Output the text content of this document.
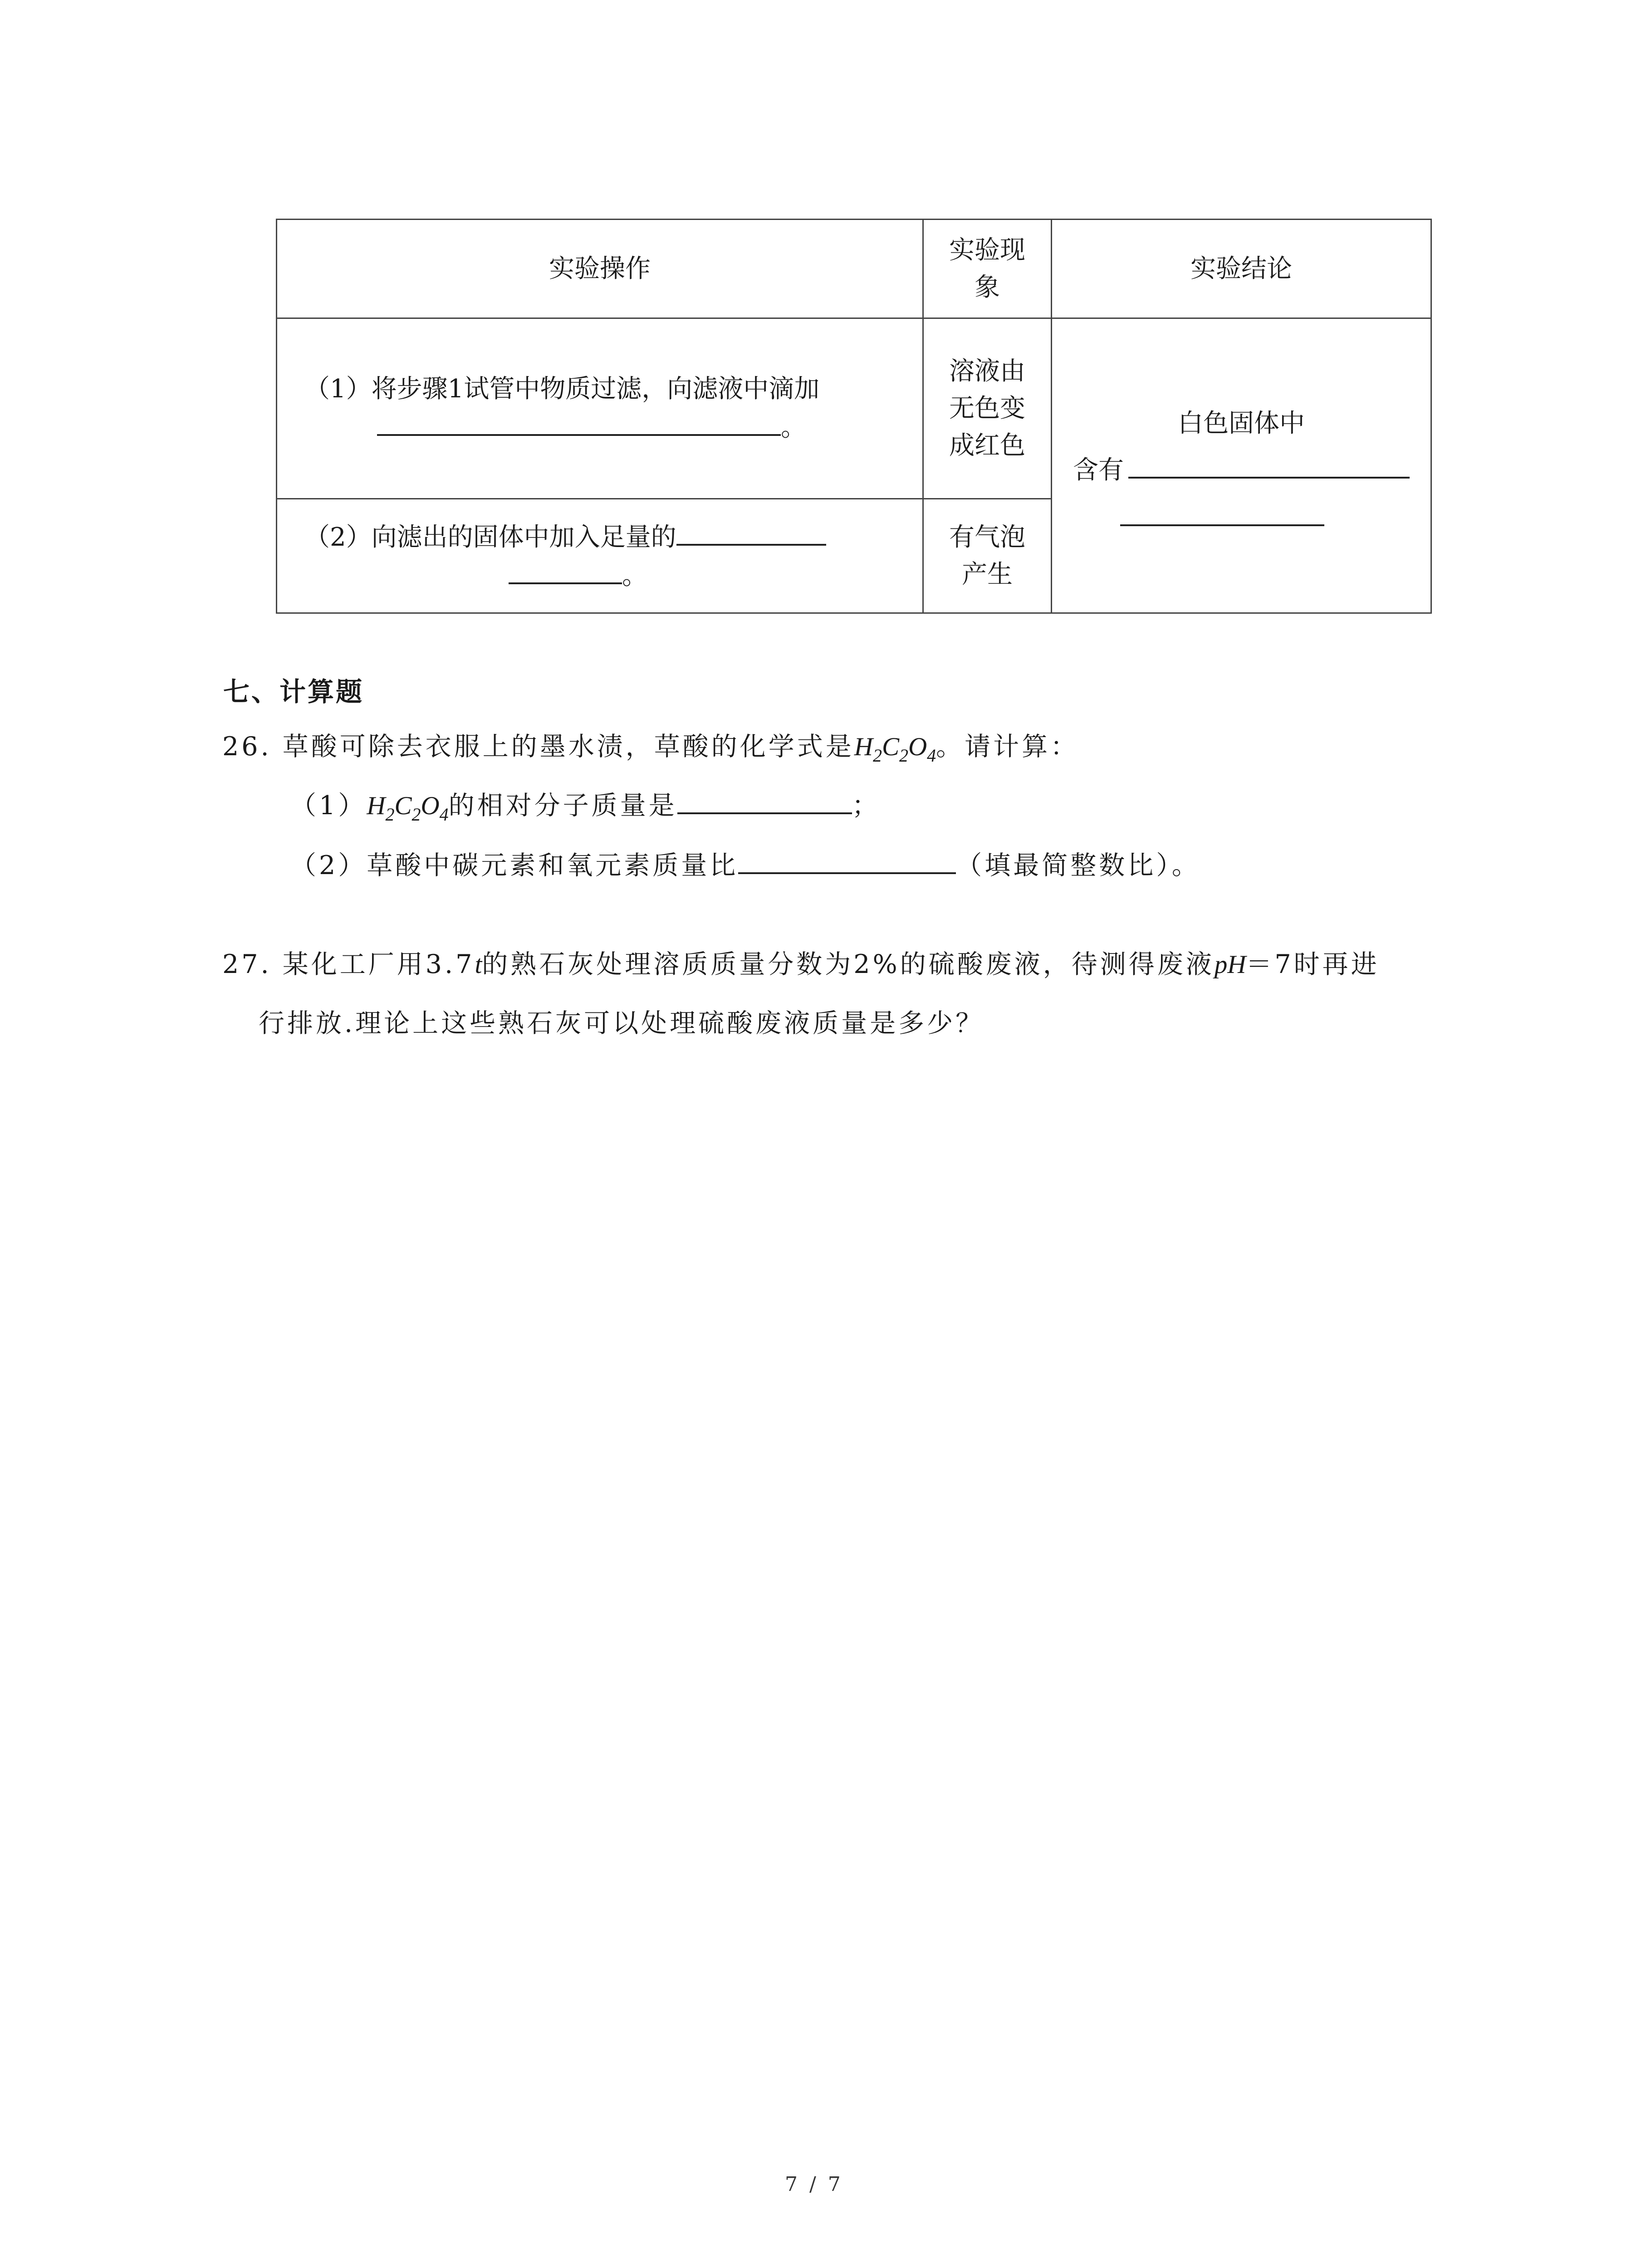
实验操作	实验现象	实验结论

（1）将步骤1试管中物质过滤，向滤液中滴加
。	溶液由无色变成红色	白色固体中
含有

（2）向滤出的固体中加入足量的
。	有气泡产生	
七、计算题
26. 草酸可除去衣服上的墨水渍，草酸的化学式是$H_2C_2O_4$。请计算：
$(1)H_2C_2O_4$的相对分子质量是	；
（2）草酸中碳元素和氧元素质量比	（填最简整数比）。
27. 某化工厂用3.7t的熟石灰处理溶质质量分数为2%的硫酸废液，待测得废液pH＝7时再进
行排放.理论上这些熟石灰可以处理硫酸废液质量是多少？
7 / 7
